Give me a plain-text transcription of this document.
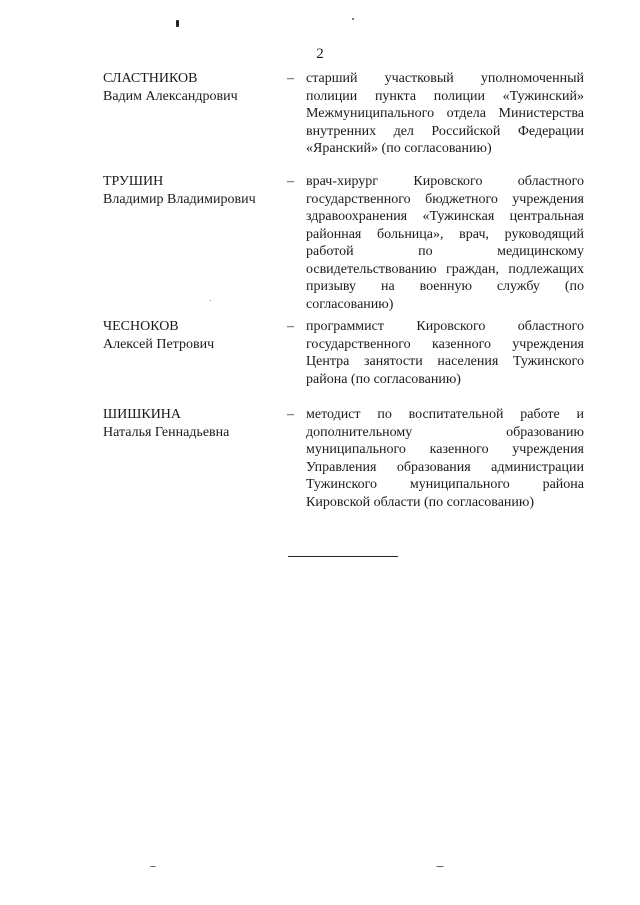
2
СЛАСТНИКОВ
Вадим Александрович
– старший участковый уполномоченный полиции пункта полиции «Тужинский» Межмуниципального отдела Министерства внутренних дел Российской Федерации «Яранский» (по согласованию)
ТРУШИН
Владимир Владимирович
– врач-хирург Кировского областного государственного бюджетного учреждения здравоохранения «Тужинская центральная районная больница», врач, руководящий работой по медицинскому освидетельствованию граждан, подлежащих призыву на военную службу (по согласованию)
ЧЕСНОКОВ
Алексей Петрович
– программист Кировского областного государственного казенного учреждения Центра занятости населения Тужинского района (по согласованию)
ШИШКИНА
Наталья Геннадьевна
– методист по воспитательной работе и дополнительному образованию муниципального казенного учреждения Управления образования администрации Тужинского муниципального района Кировской области (по согласованию)
